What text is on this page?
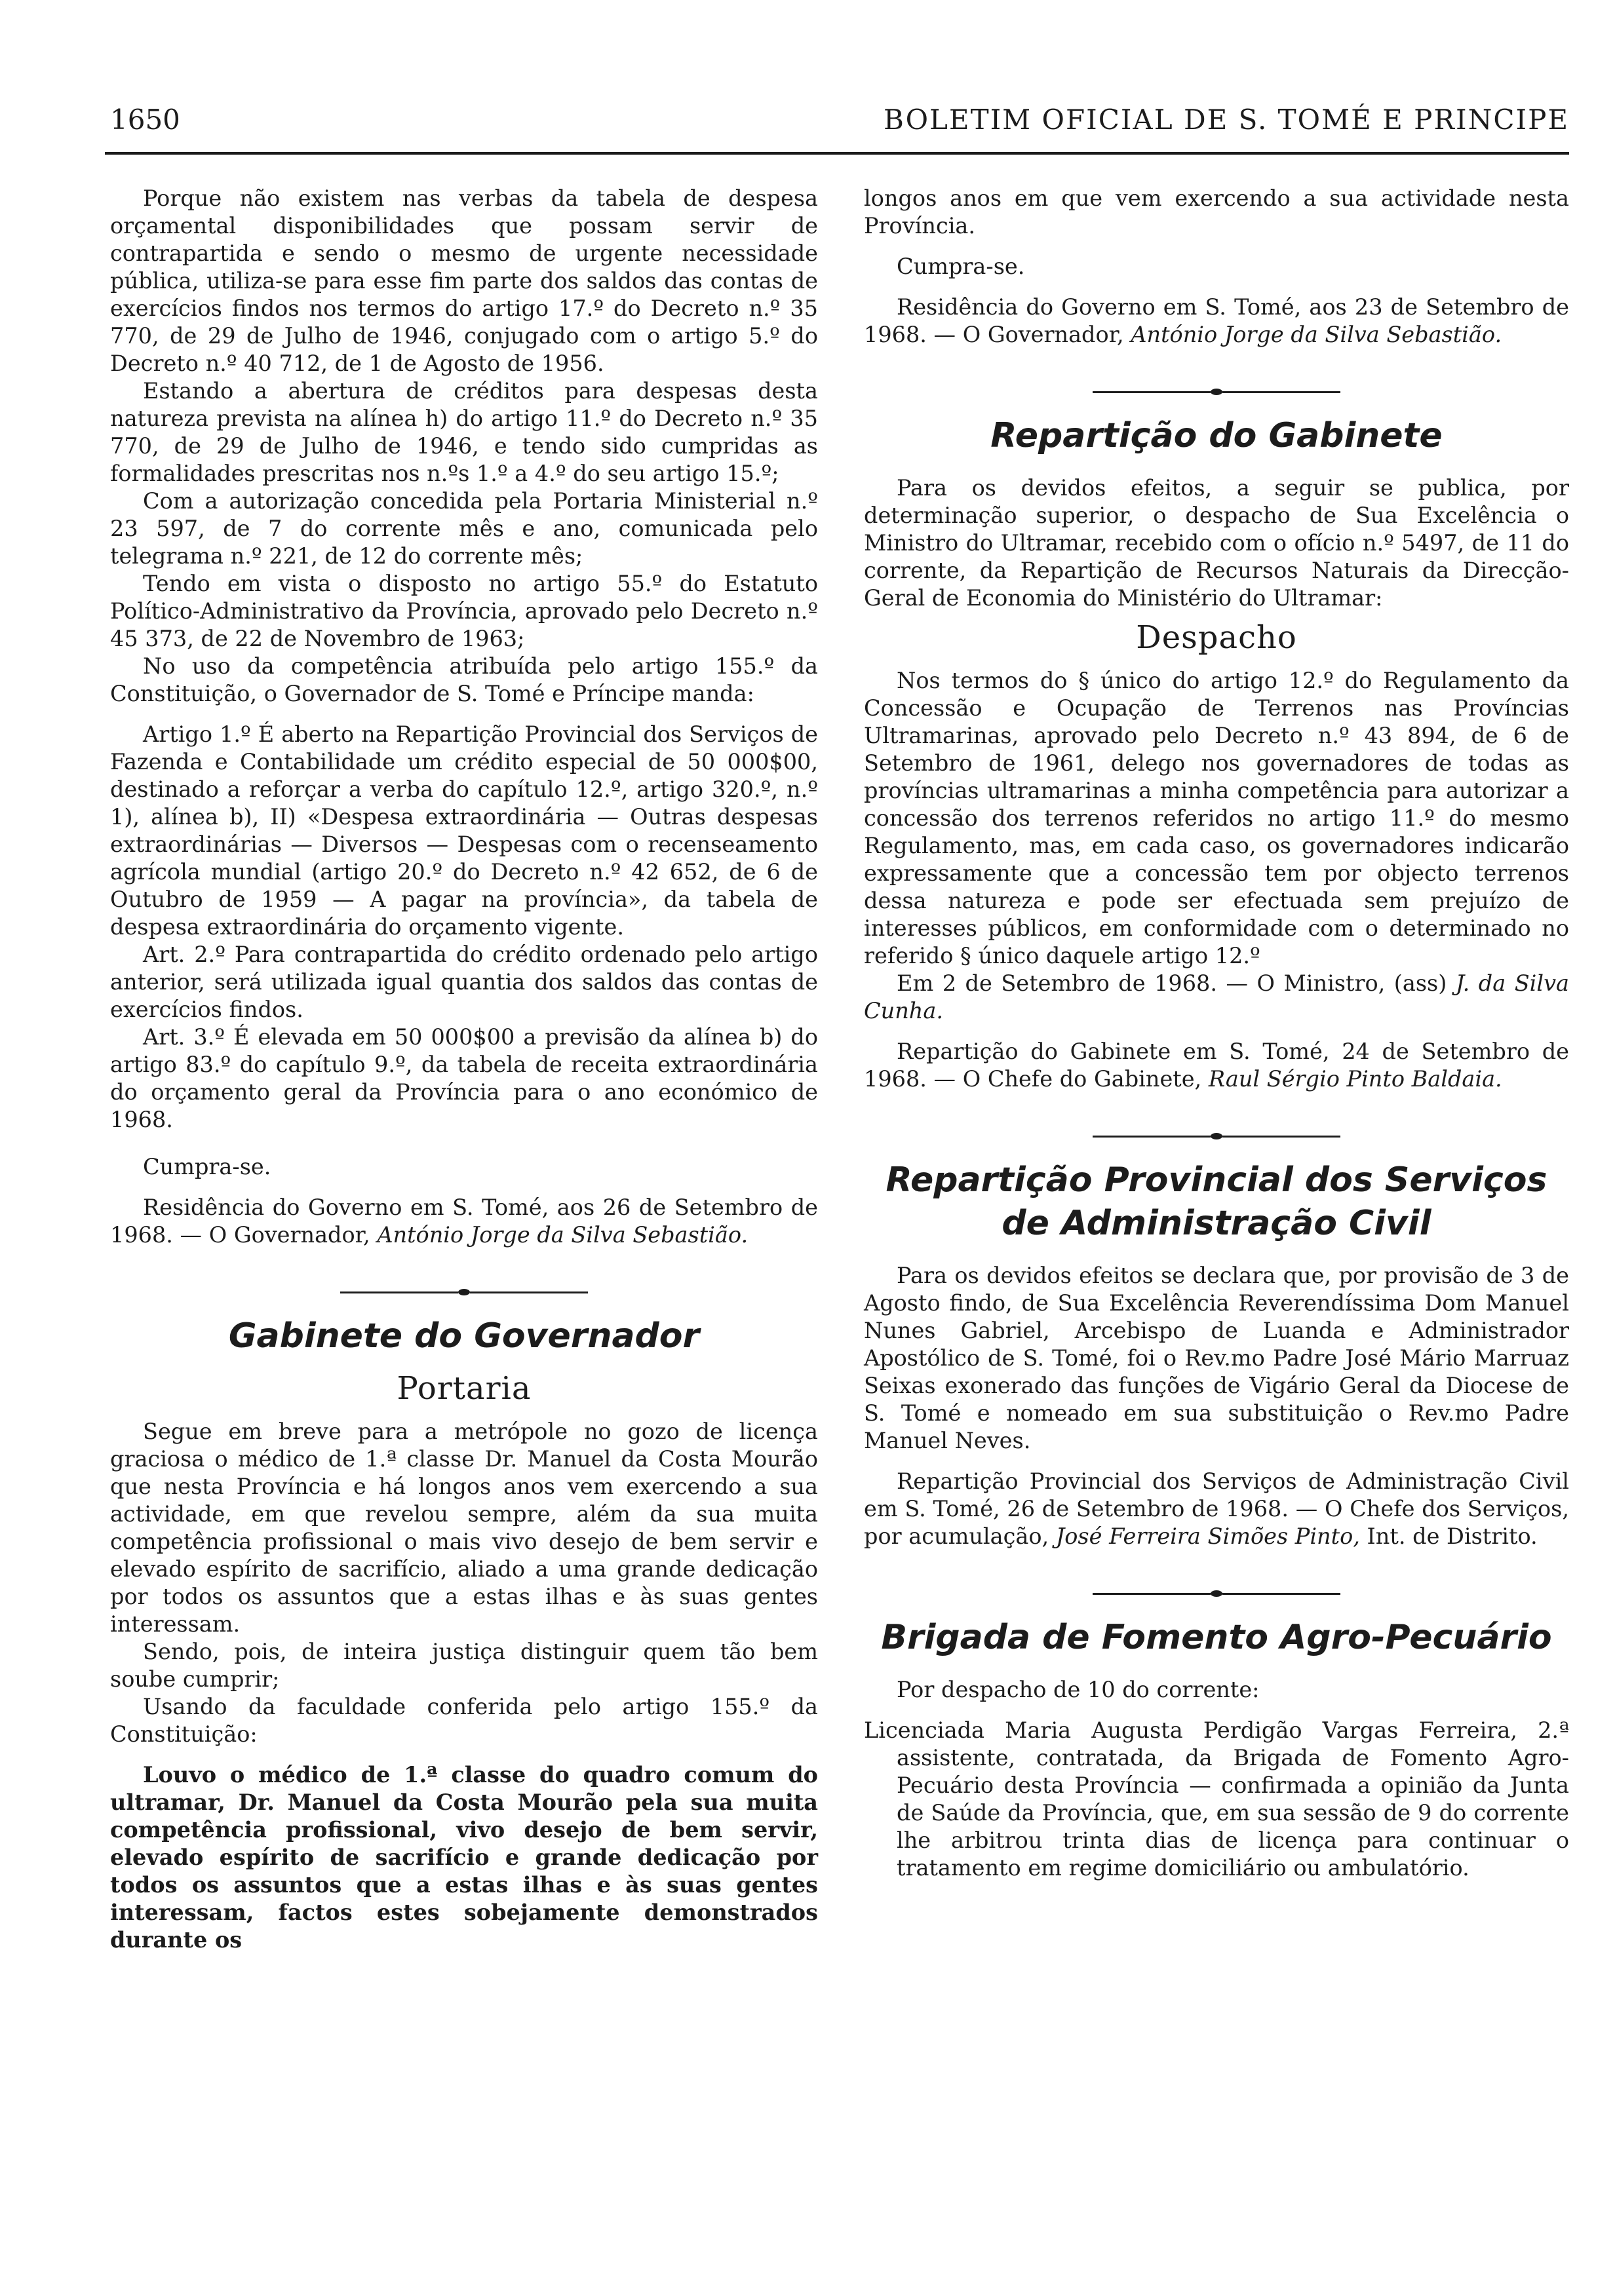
1650	BOLETIM OFICIAL DE S. TOMÉ E PRINCIPE

Porque não existem nas verbas da tabela de despesa orçamental disponibilidades que possam servir de contrapartida e sendo o mesmo de urgente necessidade pública, utiliza-se para esse fim parte dos saldos das contas de exercícios findos nos termos do artigo 17.º do Decreto n.º 35 770, de 29 de Julho de 1946, conjugado com o artigo 5.º do Decreto n.º 40 712, de 1 de Agosto de 1956.

Estando a abertura de créditos para despesas desta natureza prevista na alínea h) do artigo 11.º do Decreto n.º 35 770, de 29 de Julho de 1946, e tendo sido cumpridas as formalidades prescritas nos n.ºs 1.º a 4.º do seu artigo 15.º;

Com a autorização concedida pela Portaria Ministerial n.º 23 597, de 7 do corrente mês e ano, comunicada pelo telegrama n.º 221, de 12 do corrente mês;

Tendo em vista o disposto no artigo 55.º do Estatuto Político-Administrativo da Província, aprovado pelo Decreto n.º 45 373, de 22 de Novembro de 1963;

No uso da competência atribuída pelo artigo 155.º da Constituição, o Governador de S. Tomé e Príncipe manda:

Artigo 1.º É aberto na Repartição Provincial dos Serviços de Fazenda e Contabilidade um crédito especial de 50 000$00, destinado a reforçar a verba do capítulo 12.º, artigo 320.º, n.º 1), alínea b), II) «Despesa extraordinária — Outras despesas extraordinárias — Diversos — Despesas com o recenseamento agrícola mundial (artigo 20.º do Decreto n.º 42 652, de 6 de Outubro de 1959 — A pagar na província», da tabela de despesa extraordinária do orçamento vigente.

Art. 2.º Para contrapartida do crédito ordenado pelo artigo anterior, será utilizada igual quantia dos saldos das contas de exercícios findos.

Art. 3.º É elevada em 50 000$00 a previsão da alínea b) do artigo 83.º do capítulo 9.º, da tabela de receita extraordinária do orçamento geral da Província para o ano económico de 1968.

Cumpra-se.

Residência do Governo em S. Tomé, aos 26 de Setembro de 1968. — O Governador, António Jorge da Silva Sebastião.

Gabinete do Governador
Portaria

Segue em breve para a metrópole no gozo de licença graciosa o médico de 1.ª classe Dr. Manuel da Costa Mourão que nesta Província e há longos anos vem exercendo a sua actividade, em que revelou sempre, além da sua muita competência profissional o mais vivo desejo de bem servir e elevado espírito de sacrifício, aliado a uma grande dedicação por todos os assuntos que a estas ilhas e às suas gentes interessam.

Sendo, pois, de inteira justiça distinguir quem tão bem soube cumprir;

Usando da faculdade conferida pelo artigo 155.º da Constituição:

Louvo o médico de 1.ª classe do quadro comum do ultramar, Dr. Manuel da Costa Mourão pela sua muita competência profissional, vivo desejo de bem servir, elevado espírito de sacrifício e grande dedicação por todos os assuntos que a estas ilhas e às suas gentes interessam, factos estes sobejamente demonstrados durante os

longos anos em que vem exercendo a sua actividade nesta Província.

Cumpra-se.

Residência do Governo em S. Tomé, aos 23 de Setembro de 1968. — O Governador, António Jorge da Silva Sebastião.

Repartição do Gabinete

Para os devidos efeitos, a seguir se publica, por determinação superior, o despacho de Sua Excelência o Ministro do Ultramar, recebido com o ofício n.º 5497, de 11 do corrente, da Repartição de Recursos Naturais da Direcção-Geral de Economia do Ministério do Ultramar:

Despacho

Nos termos do § único do artigo 12.º do Regulamento da Concessão e Ocupação de Terrenos nas Províncias Ultramarinas, aprovado pelo Decreto n.º 43 894, de 6 de Setembro de 1961, delego nos governadores de todas as províncias ultramarinas a minha competência para autorizar a concessão dos terrenos referidos no artigo 11.º do mesmo Regulamento, mas, em cada caso, os governadores indicarão expressamente que a concessão tem por objecto terrenos dessa natureza e pode ser efectuada sem prejuízo de interesses públicos, em conformidade com o determinado no referido § único daquele artigo 12.º

Em 2 de Setembro de 1968. — O Ministro, (ass) J. da Silva Cunha.

Repartição do Gabinete em S. Tomé, 24 de Setembro de 1968. — O Chefe do Gabinete, Raul Sérgio Pinto Baldaia.

Repartição Provincial dos Serviços
de Administração Civil

Para os devidos efeitos se declara que, por provisão de 3 de Agosto findo, de Sua Excelência Reverendíssima Dom Manuel Nunes Gabriel, Arcebispo de Luanda e Administrador Apostólico de S. Tomé, foi o Rev.mo Padre José Mário Marruaz Seixas exonerado das funções de Vigário Geral da Diocese de S. Tomé e nomeado em sua substituição o Rev.mo Padre Manuel Neves.

Repartição Provincial dos Serviços de Administração Civil em S. Tomé, 26 de Setembro de 1968. — O Chefe dos Serviços, por acumulação, José Ferreira Simões Pinto, Int. de Distrito.

Brigada de Fomento Agro-Pecuário

Por despacho de 10 do corrente:

Licenciada Maria Augusta Perdigão Vargas Ferreira, 2.ª assistente, contratada, da Brigada de Fomento Agro-Pecuário desta Província — confirmada a opinião da Junta de Saúde da Província, que, em sua sessão de 9 do corrente lhe arbitrou trinta dias de licença para continuar o tratamento em regime domiciliário ou ambulatório.
